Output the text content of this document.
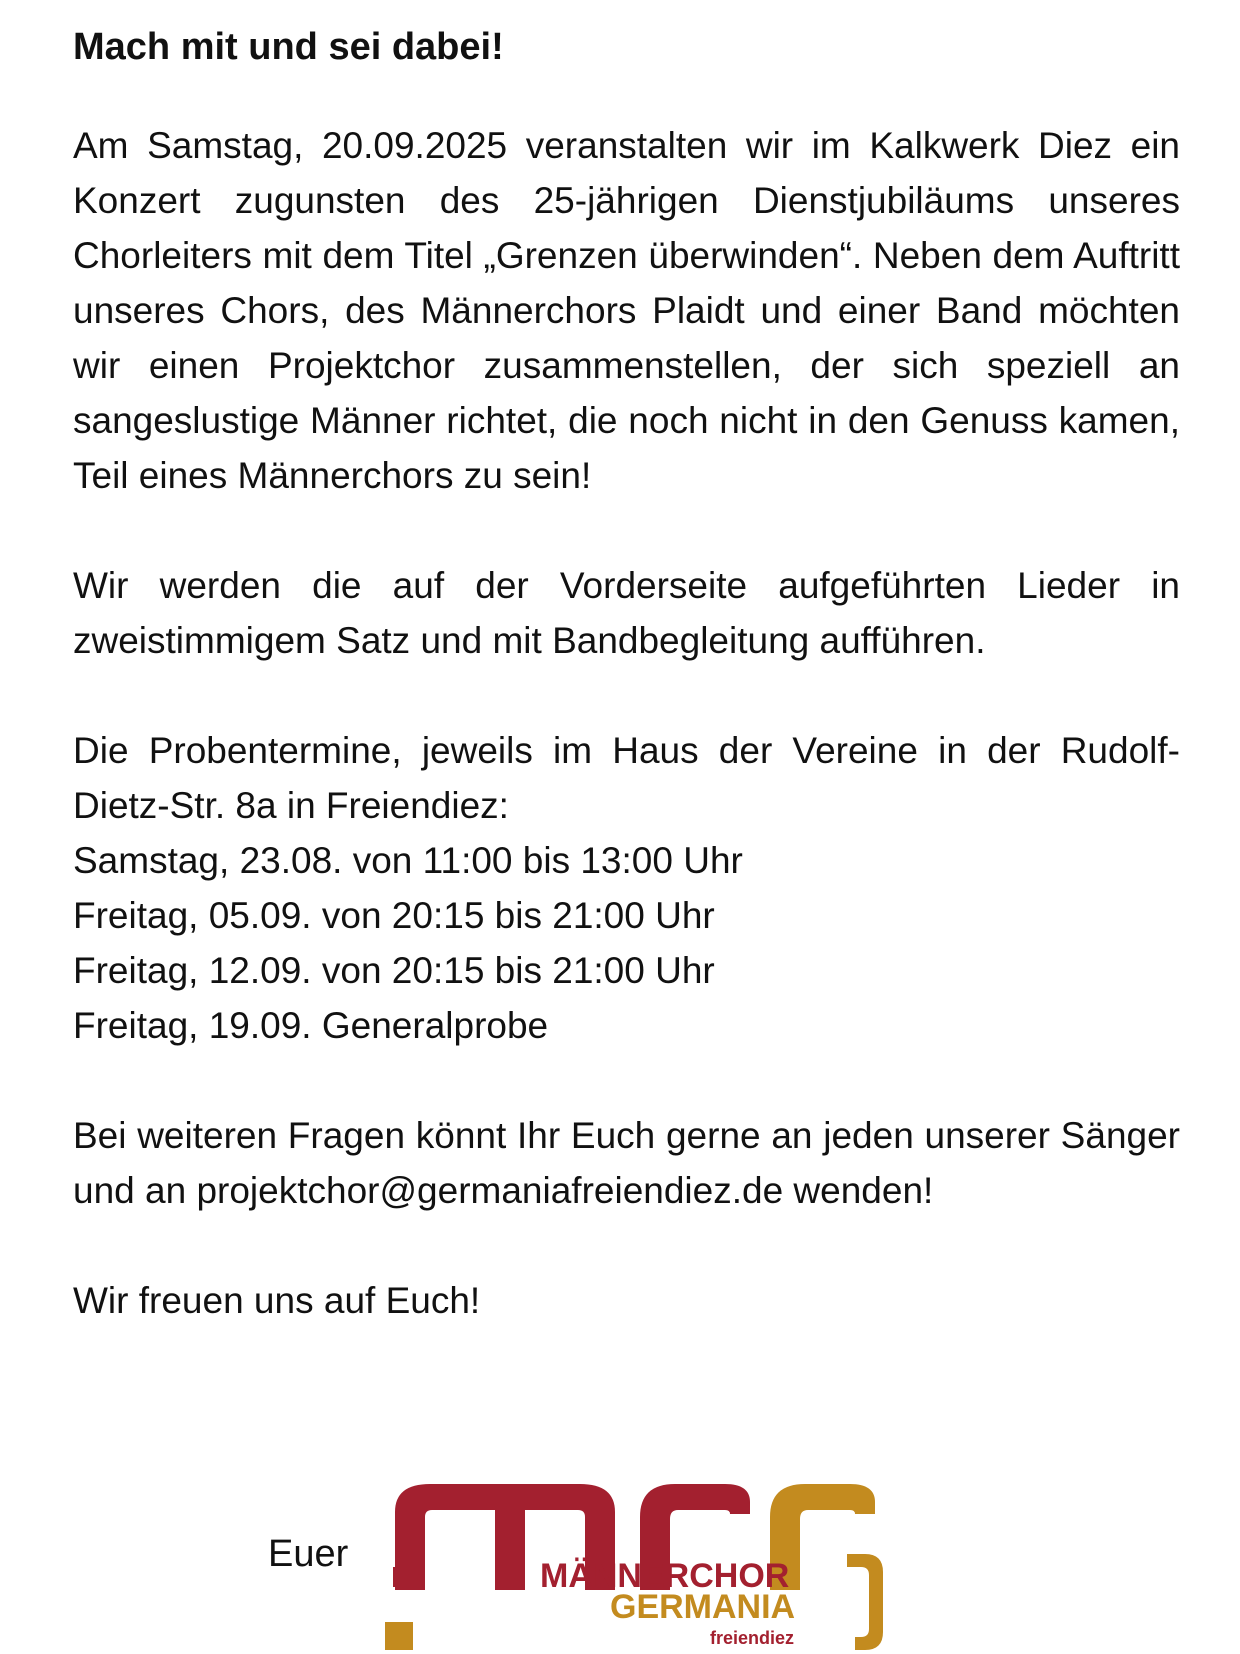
Mach mit und sei dabei!

Am Samstag, 20.09.2025 veranstalten wir im Kalkwerk Diez ein Konzert zugunsten des 25-jährigen Dienstjubiläums unseres Chorleiters mit dem Titel „Grenzen überwinden“. Neben dem Auftritt unseres Chors, des Männerchors Plaidt und einer Band möchten wir einen Projektchor zusammenstellen, der sich speziell an sangeslustige Männer richtet, die noch nicht in den Genuss kamen, Teil eines Männerchors zu sein!

Wir werden die auf der Vorderseite aufgeführten Lieder in zweistimmigem Satz und mit Bandbegleitung aufführen.

Die Probentermine, jeweils im Haus der Vereine in der Rudolf-Dietz-Str. 8a in Freiendiez:

Samstag, 23.08. von 11:00 bis 13:00 Uhr
Freitag, 05.09. von 20:15 bis 21:00 Uhr
Freitag, 12.09. von 20:15 bis 21:00 Uhr
Freitag, 19.09. Generalprobe

Bei weiteren Fragen könnt Ihr Euch gerne an jeden unserer Sänger und an projektchor@germaniafreiendiez.de wenden!

Wir freuen uns auf Euch!

Euer
MÄNNERCHOR
GERMANIA
freiendiez
